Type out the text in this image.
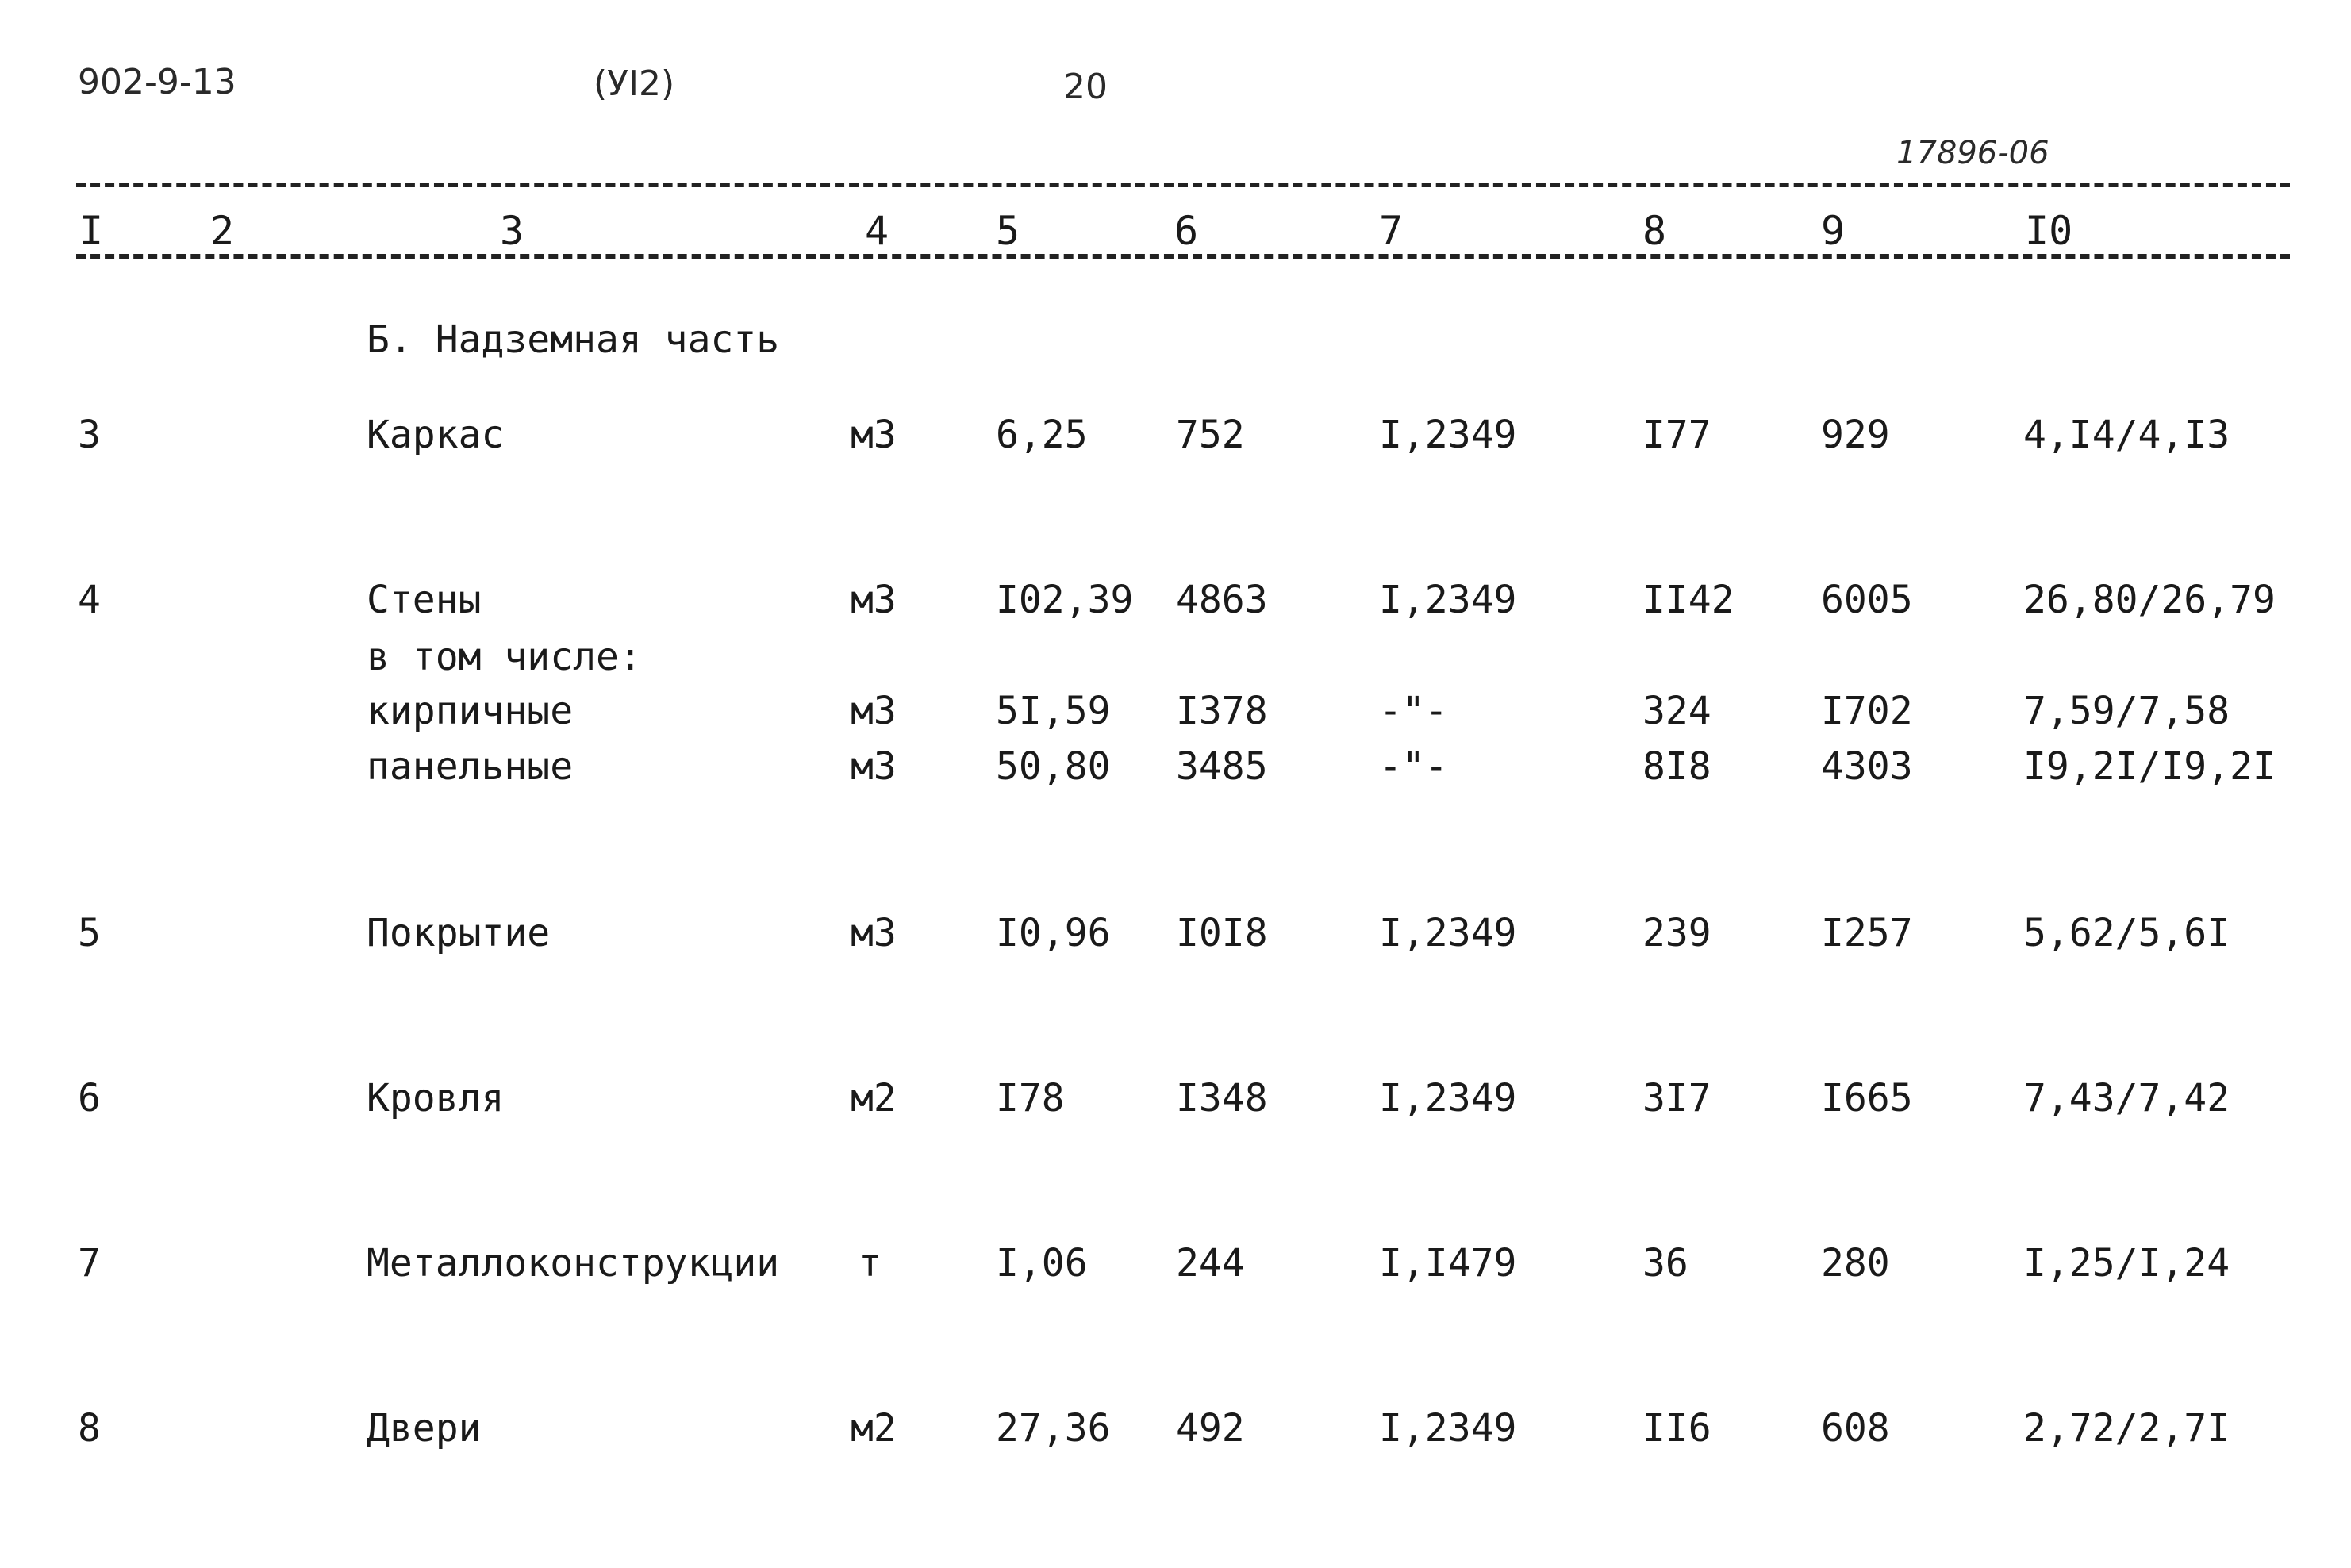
902-9-13	(УI2)	20
17896-06
I	2	3	4	5	6	7	8	9	I0
Б. Надземная часть
3	Каркас	м3	6,25 752	I,2349	I77	929	4,I4/4,I3
4	Стены	м3	I02,39 4863	I,2349	II42 6005	26,80/26,79
в том числе:
кирпичные	м3	5I,59 I378	-"-	324	I702	7,59/7,58
панельные	м3	50,80 3485	-"-	8I8	4303	I9,2I/I9,2I
5	Покрытие	м3	I0,96 I0I8	I,2349	239	I257	5,62/5,6I
6	Кровля	м2	I78	I348	I,2349	3I7	I665	7,43/7,42
7	Металлоконструкции т	I,06 244	I,I479	36	280	I,25/I,24
8	Двери	м2	27,36 492	I,2349	II6	608	2,72/2,7I
